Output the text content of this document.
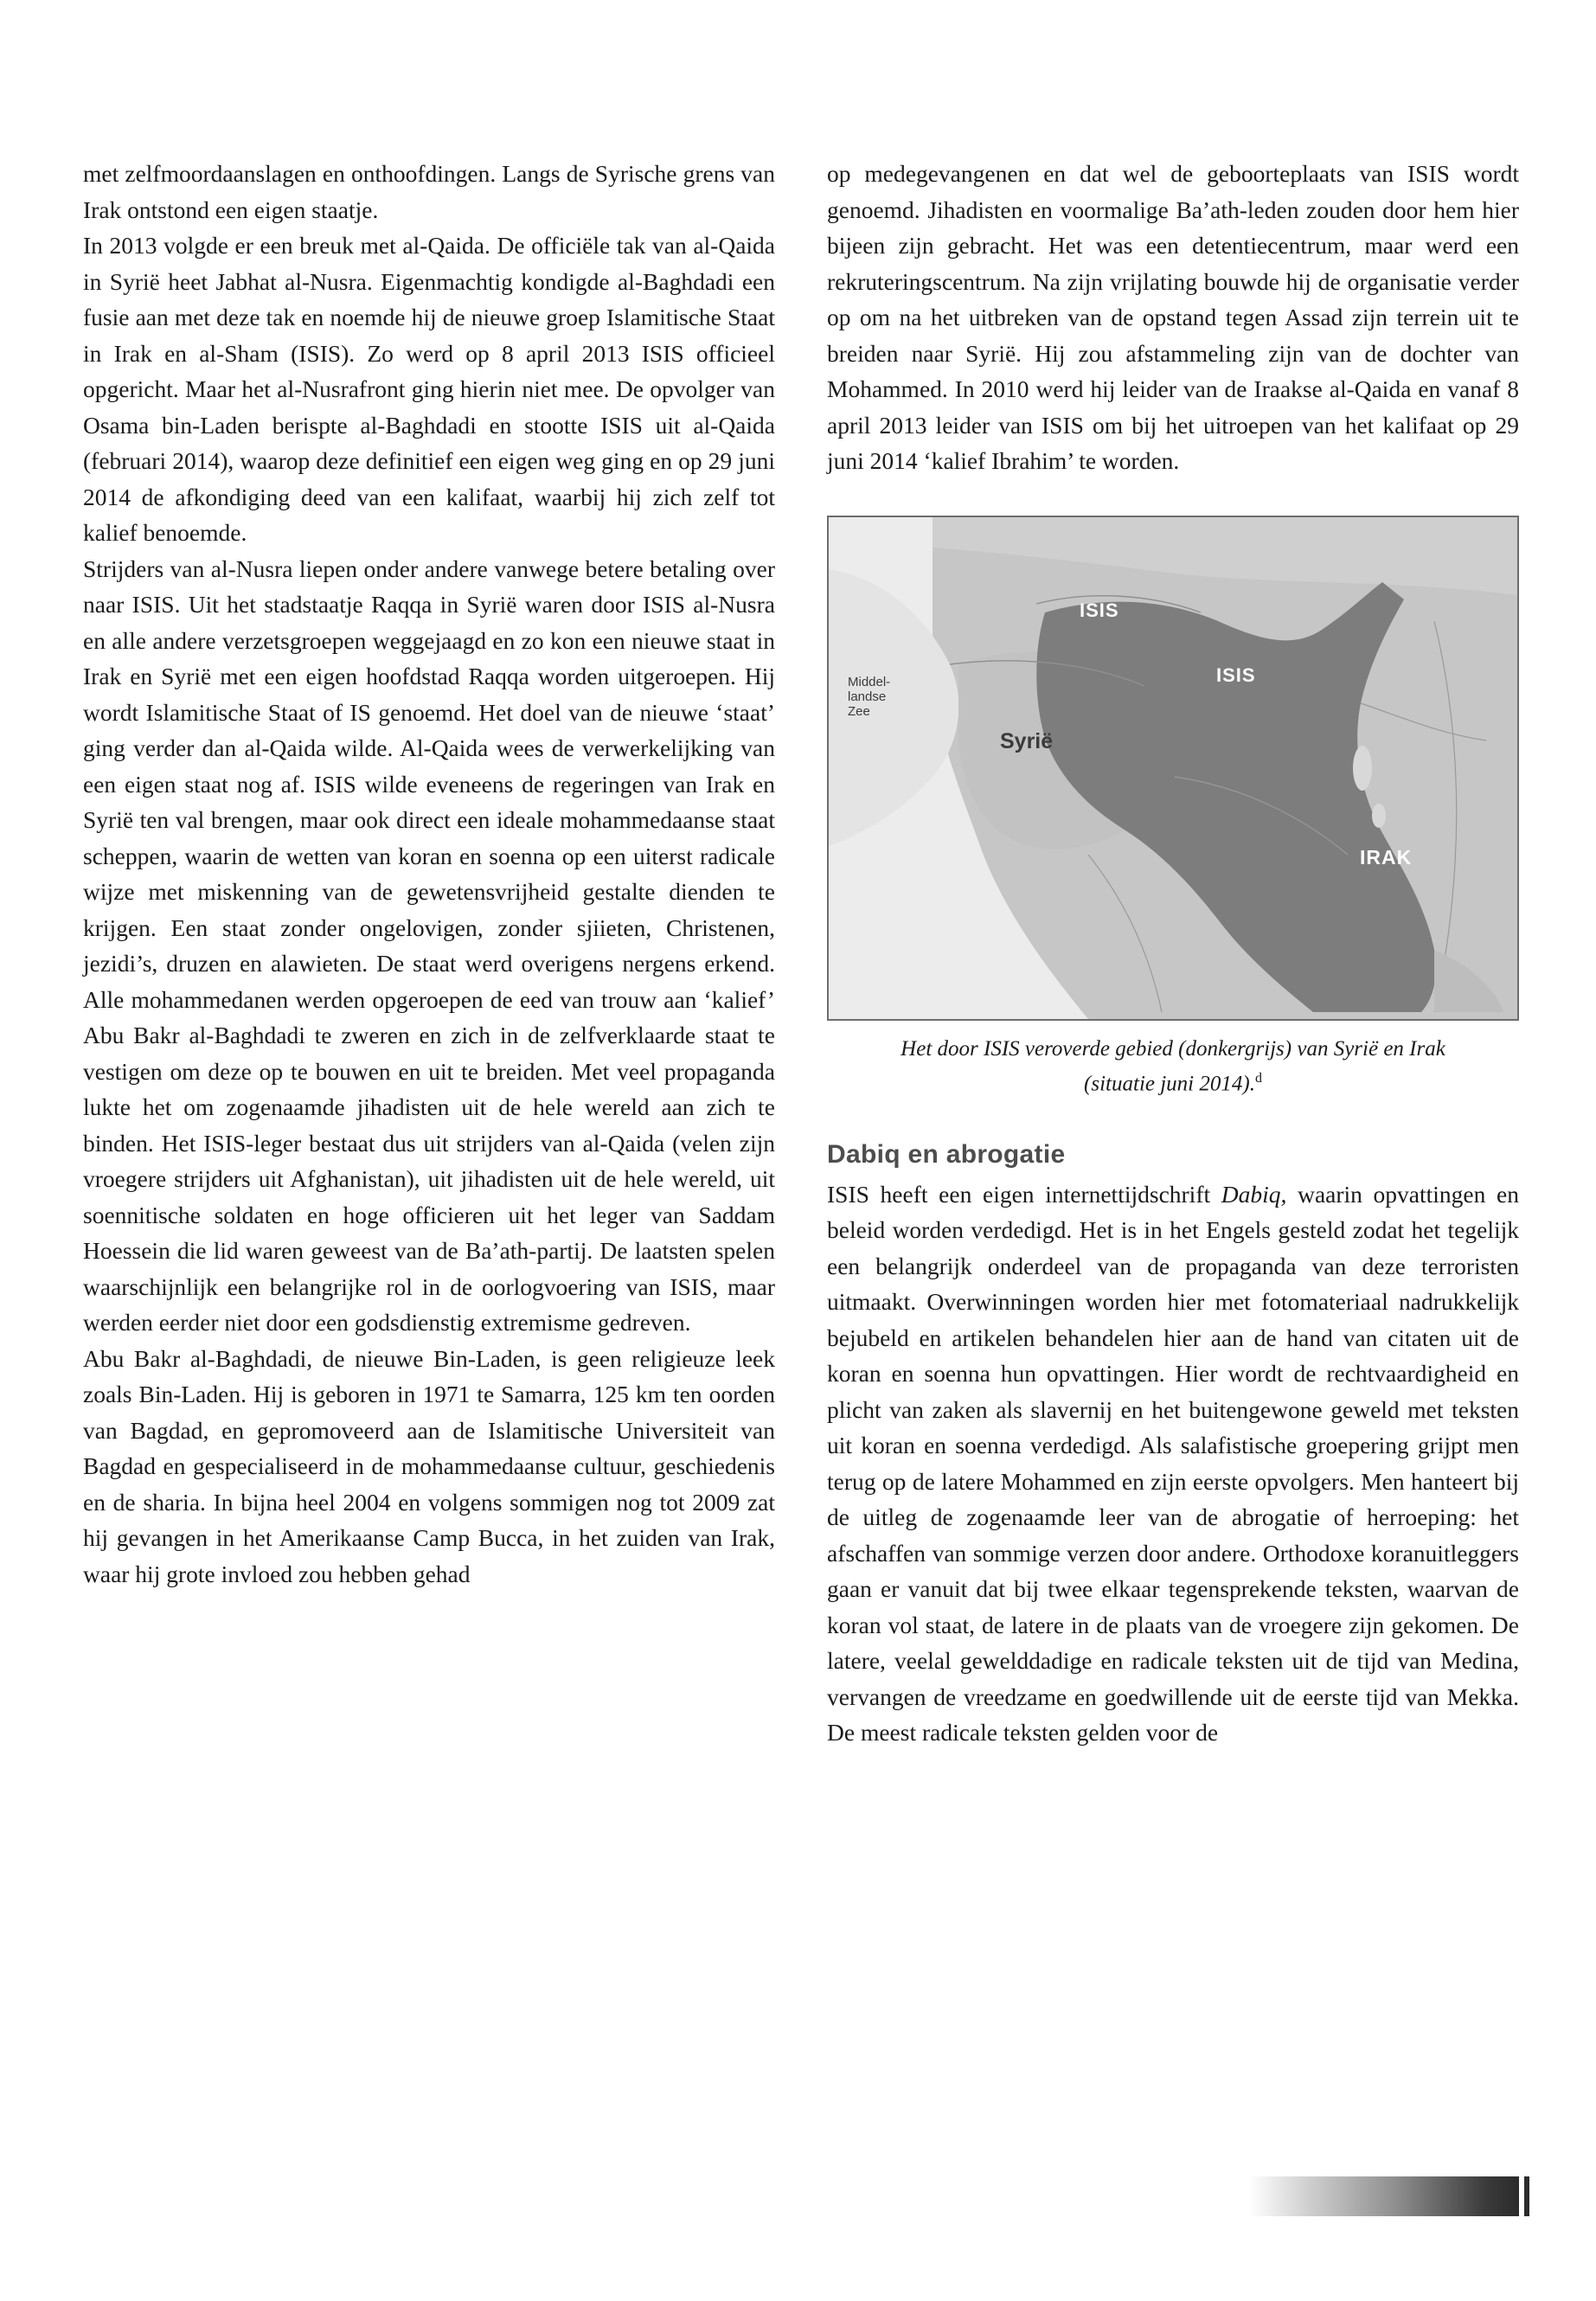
met zelfmoordaanslagen en onthoofdingen. Langs de Syrische grens van Irak ontstond een eigen staatje.

In 2013 volgde er een breuk met al-Qaida. De officiële tak van al-Qaida in Syrië heet Jabhat al-Nusra. Eigenmachtig kondigde al-Baghdadi een fusie aan met deze tak en noemde hij de nieuwe groep Islamitische Staat in Irak en al-Sham (ISIS). Zo werd op 8 april 2013 ISIS officieel opgericht. Maar het al-Nusrafront ging hierin niet mee. De opvolger van Osama bin-Laden berispte al-Baghdadi en stootte ISIS uit al-Qaida (februari 2014), waarop deze definitief een eigen weg ging en op 29 juni 2014 de afkondiging deed van een kalifaat, waarbij hij zich zelf tot kalief benoemde.

Strijders van al-Nusra liepen onder andere vanwege betere betaling over naar ISIS. Uit het stadstaatje Raqqa in Syrië waren door ISIS al-Nusra en alle andere verzetsgroepen weggejaagd en zo kon een nieuwe staat in Irak en Syrië met een eigen hoofdstad Raqqa worden uitgeroepen. Hij wordt Islamitische Staat of IS genoemd. Het doel van de nieuwe ‘staat’ ging verder dan al-Qaida wilde. Al-Qaida wees de verwerkelijking van een eigen staat nog af. ISIS wilde eveneens de regeringen van Irak en Syrië ten val brengen, maar ook direct een ideale mohammedaanse staat scheppen, waarin de wetten van koran en soenna op een uiterst radicale wijze met miskenning van de gewetensvrijheid gestalte dienden te krijgen. Een staat zonder ongelovigen, zonder sjiieten, Christenen, jezidi’s, druzen en alawieten. De staat werd overigens nergens erkend. Alle mohammedanen werden opgeroepen de eed van trouw aan ‘kalief’ Abu Bakr al-Baghdadi te zweren en zich in de zelfverklaarde staat te vestigen om deze op te bouwen en uit te breiden. Met veel propaganda lukte het om zogenaamde jihadisten uit de hele wereld aan zich te binden. Het ISIS-leger bestaat dus uit strijders van al-Qaida (velen zijn vroegere strijders uit Afghanistan), uit jihadisten uit de hele wereld, uit soennitische soldaten en hoge officieren uit het leger van Saddam Hoessein die lid waren geweest van de Ba’ath-partij. De laatsten spelen waarschijnlijk een belangrijke rol in de oorlogvoering van ISIS, maar werden eerder niet door een godsdienstig extremisme gedreven.

Abu Bakr al-Baghdadi, de nieuwe Bin-Laden, is geen religieuze leek zoals Bin-Laden. Hij is geboren in 1971 te Samarra, 125 km ten oorden van Bagdad, en gepromoveerd aan de Islamitische Universiteit van Bagdad en gespecialiseerd in de mohammedaanse cultuur, geschiedenis en de sharia. In bijna heel 2004 en volgens sommigen nog tot 2009 zat hij gevangen in het Amerikaanse Camp Bucca, in het zuiden van Irak, waar hij grote invloed zou hebben gehad

op medegevangenen en dat wel de geboorteplaats van ISIS wordt genoemd. Jihadisten en voormalige Ba’ath-leden zouden door hem hier bijeen zijn gebracht. Het was een detentiecentrum, maar werd een rekruteringscentrum. Na zijn vrijlating bouwde hij de organisatie verder op om na het uitbreken van de opstand tegen Assad zijn terrein uit te breiden naar Syrië. Hij zou afstammeling zijn van de dochter van Mohammed. In 2010 werd hij leider van de Iraakse al-Qaida en vanaf 8 april 2013 leider van ISIS om bij het uitroepen van het kalifaat op 29 juni 2014 ‘kalief Ibrahim’ te worden.

Middel-
landse
Zee
ISIS
ISIS
Syrië
IRAK
Het door ISIS veroverde gebied (donkergrijs) van Syrië en Irak
(situatie juni 2014).$^d$
Dabiq en abrogatie

ISIS heeft een eigen internettijdschrift Dabiq, waarin opvattingen en beleid worden verdedigd. Het is in het Engels gesteld zodat het tegelijk een belangrijk onderdeel van de propaganda van deze terroristen uitmaakt. Overwinningen worden hier met fotomateriaal nadrukkelijk bejubeld en artikelen behandelen hier aan de hand van citaten uit de koran en soenna hun opvattingen. Hier wordt de rechtvaardigheid en plicht van zaken als slavernij en het buitengewone geweld met teksten uit koran en soenna verdedigd. Als salafistische groepering grijpt men terug op de latere Mohammed en zijn eerste opvolgers. Men hanteert bij de uitleg de zogenaamde leer van de abrogatie of herroeping: het afschaffen van sommige verzen door andere. Orthodoxe koranuitleggers gaan er vanuit dat bij twee elkaar tegensprekende teksten, waarvan de koran vol staat, de latere in de plaats van de vroegere zijn gekomen. De latere, veelal gewelddadige en radicale teksten uit de tijd van Medina, vervangen de vreedzame en goedwillende uit de eerste tijd van Mekka. De meest radicale teksten gelden voor de

137
